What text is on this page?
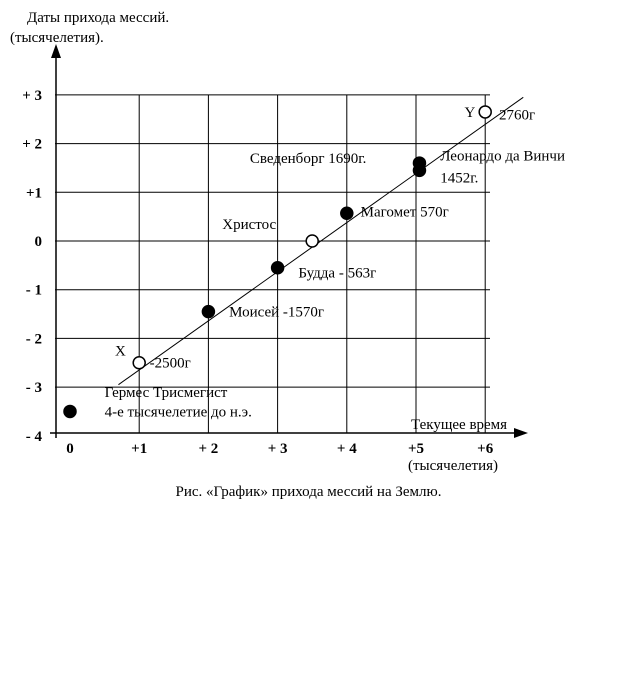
Даты прихода мессий.
(тысячелетия).
Текущее время
(тысячелетия)
+ 3
+ 2
+1
0
- 1
- 2
- 3
- 4
0	+1	+ 2	+ 3	+ 4	+5	+6
Гермес Трисмегист
4-е тысячелетие до н.э.
X
-2500г
Моисей -1570г
Будда - 563г
Христос
Магомет 570г
Сведенборг 1690г.	Леонардо да Винчи
1452г.
Y 2760г
Рис. «График» прихода мессий на Землю.
